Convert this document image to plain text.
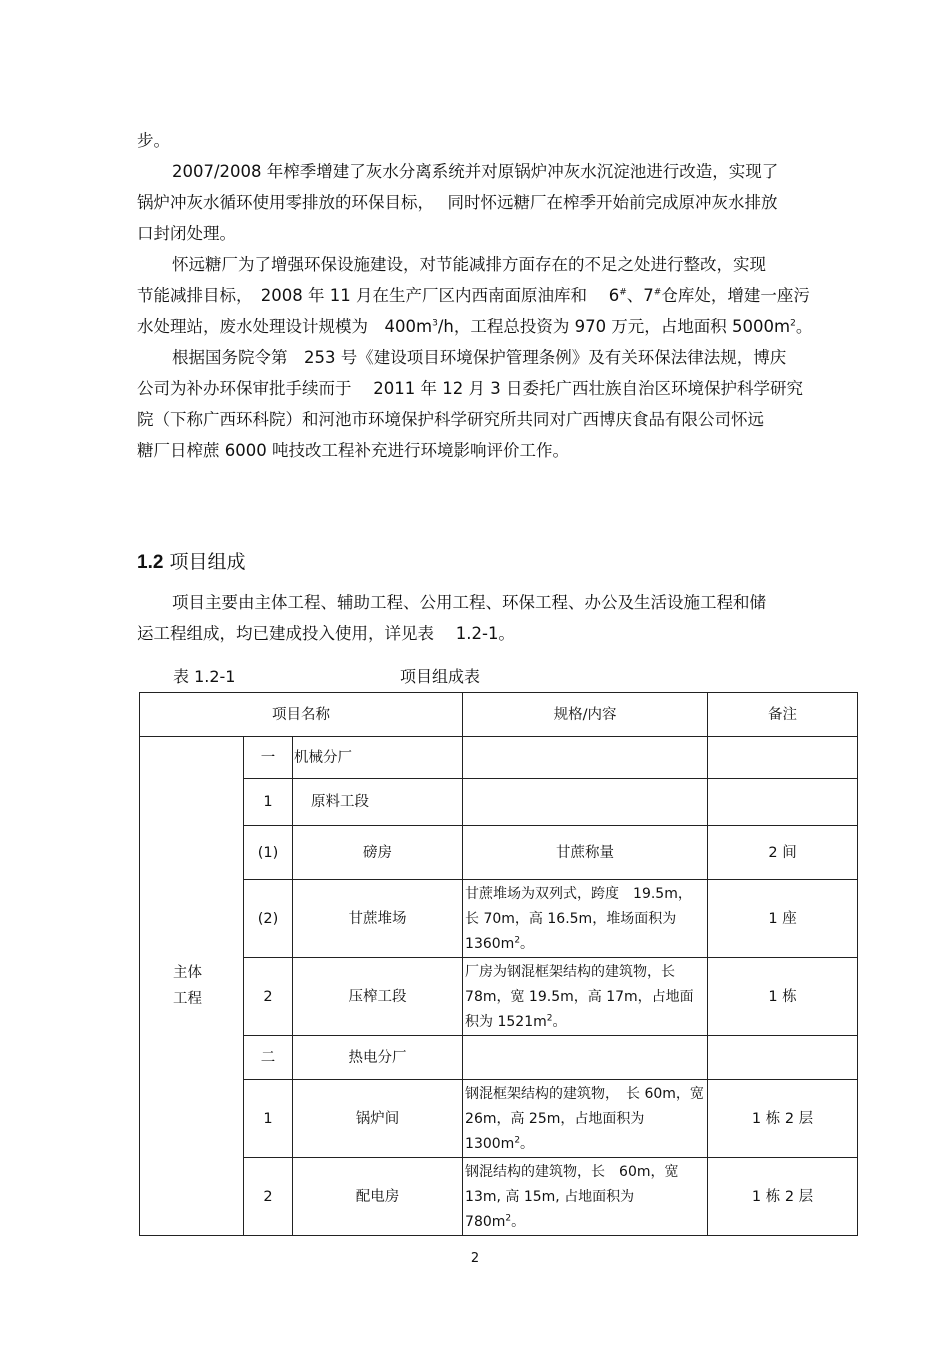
步。

2007/2008 年榨季增建了灰水分离系统并对原锅炉冲灰水沉淀池进行改造，实现了

锅炉冲灰水循环使用零排放的环保目标，　 同时怀远糖厂在榨季开始前完成原冲灰水排放

口封闭处理。

怀远糖厂为了增强环保设施建设，对节能减排方面存在的不足之处进行整改，实现

节能减排目标，　2008 年 11 月在生产厂区内西南面原油库和　 6#、7#仓库处，增建一座污

水处理站，废水处理设计规模为　$400m^3/h$，工程总投资为 970 万元，占地面积 $5000m^2$。

根据国务院令第　253 号《建设项目环境保护管理条例》及有关环保法律法规，博庆

公司为补办环保审批手续而于　 2011 年 12 月 3 日委托广西壮族自治区环境保护科学研究

院（下称广西环科院）和河池市环境保护科学研究所共同对广西博庆食品有限公司怀远

糖厂日榨蔗 6000 吨技改工程补充进行环境影响评价工作。

1.2 项目组成

项目主要由主体工程、辅助工程、公用工程、环保工程、办公及生活设施工程和储

运工程组成，均已建成投入使用，详见表　 1.2-1。

表 1.2-1	项目组成表
项目名称			规格/内容	备注
主体
工程	一	机械分厂		
	1	原料工段		
	(1)	磅房	甘蔗称量	2 间
	(2)	甘蔗堆场	甘蔗堆场为双列式，跨度　19.5m，长 70m，高 16.5m，堆场面积为 $1360m^2$。	1 座
	2	压榨工段	厂房为钢混框架结构的建筑物，长 78m，宽 19.5m，高 17m，占地面积为 $1521m^2$。	1 栋
	二	热电分厂		
	1	锅炉间	钢混框架结构的建筑物，　长 60m，宽 26m，高 25m，占地面积为 $1300m^2$。	1 栋 2 层
	2	配电房	钢混结构的建筑物，长　60m，宽 13m, 高 15m, 占地面积为　$780m^2$。	1 栋 2 层
2
